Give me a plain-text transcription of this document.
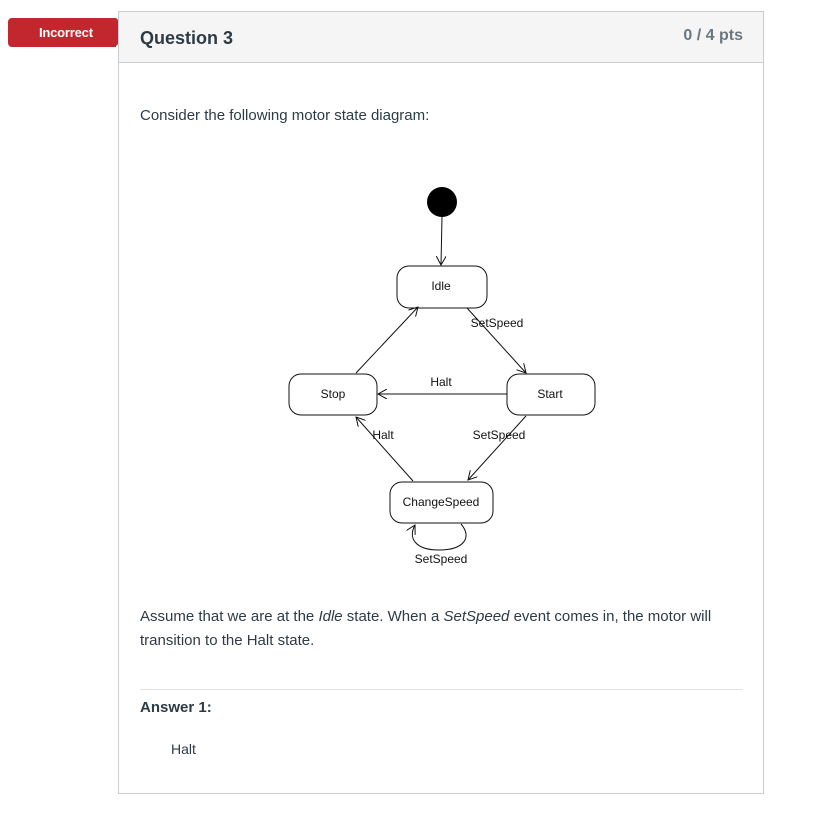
Incorrect	Question 3	0 / 4 pts
Consider the following motor state diagram:
Idle
Start
Stop
ChangeSpeed
SetSpeed
Halt
Halt	SetSpeed
SetSpeed
Assume that we are at the Idle state. When a SetSpeed event comes in, the motor will transition to the Halt state.
Answer 1:
Halt
